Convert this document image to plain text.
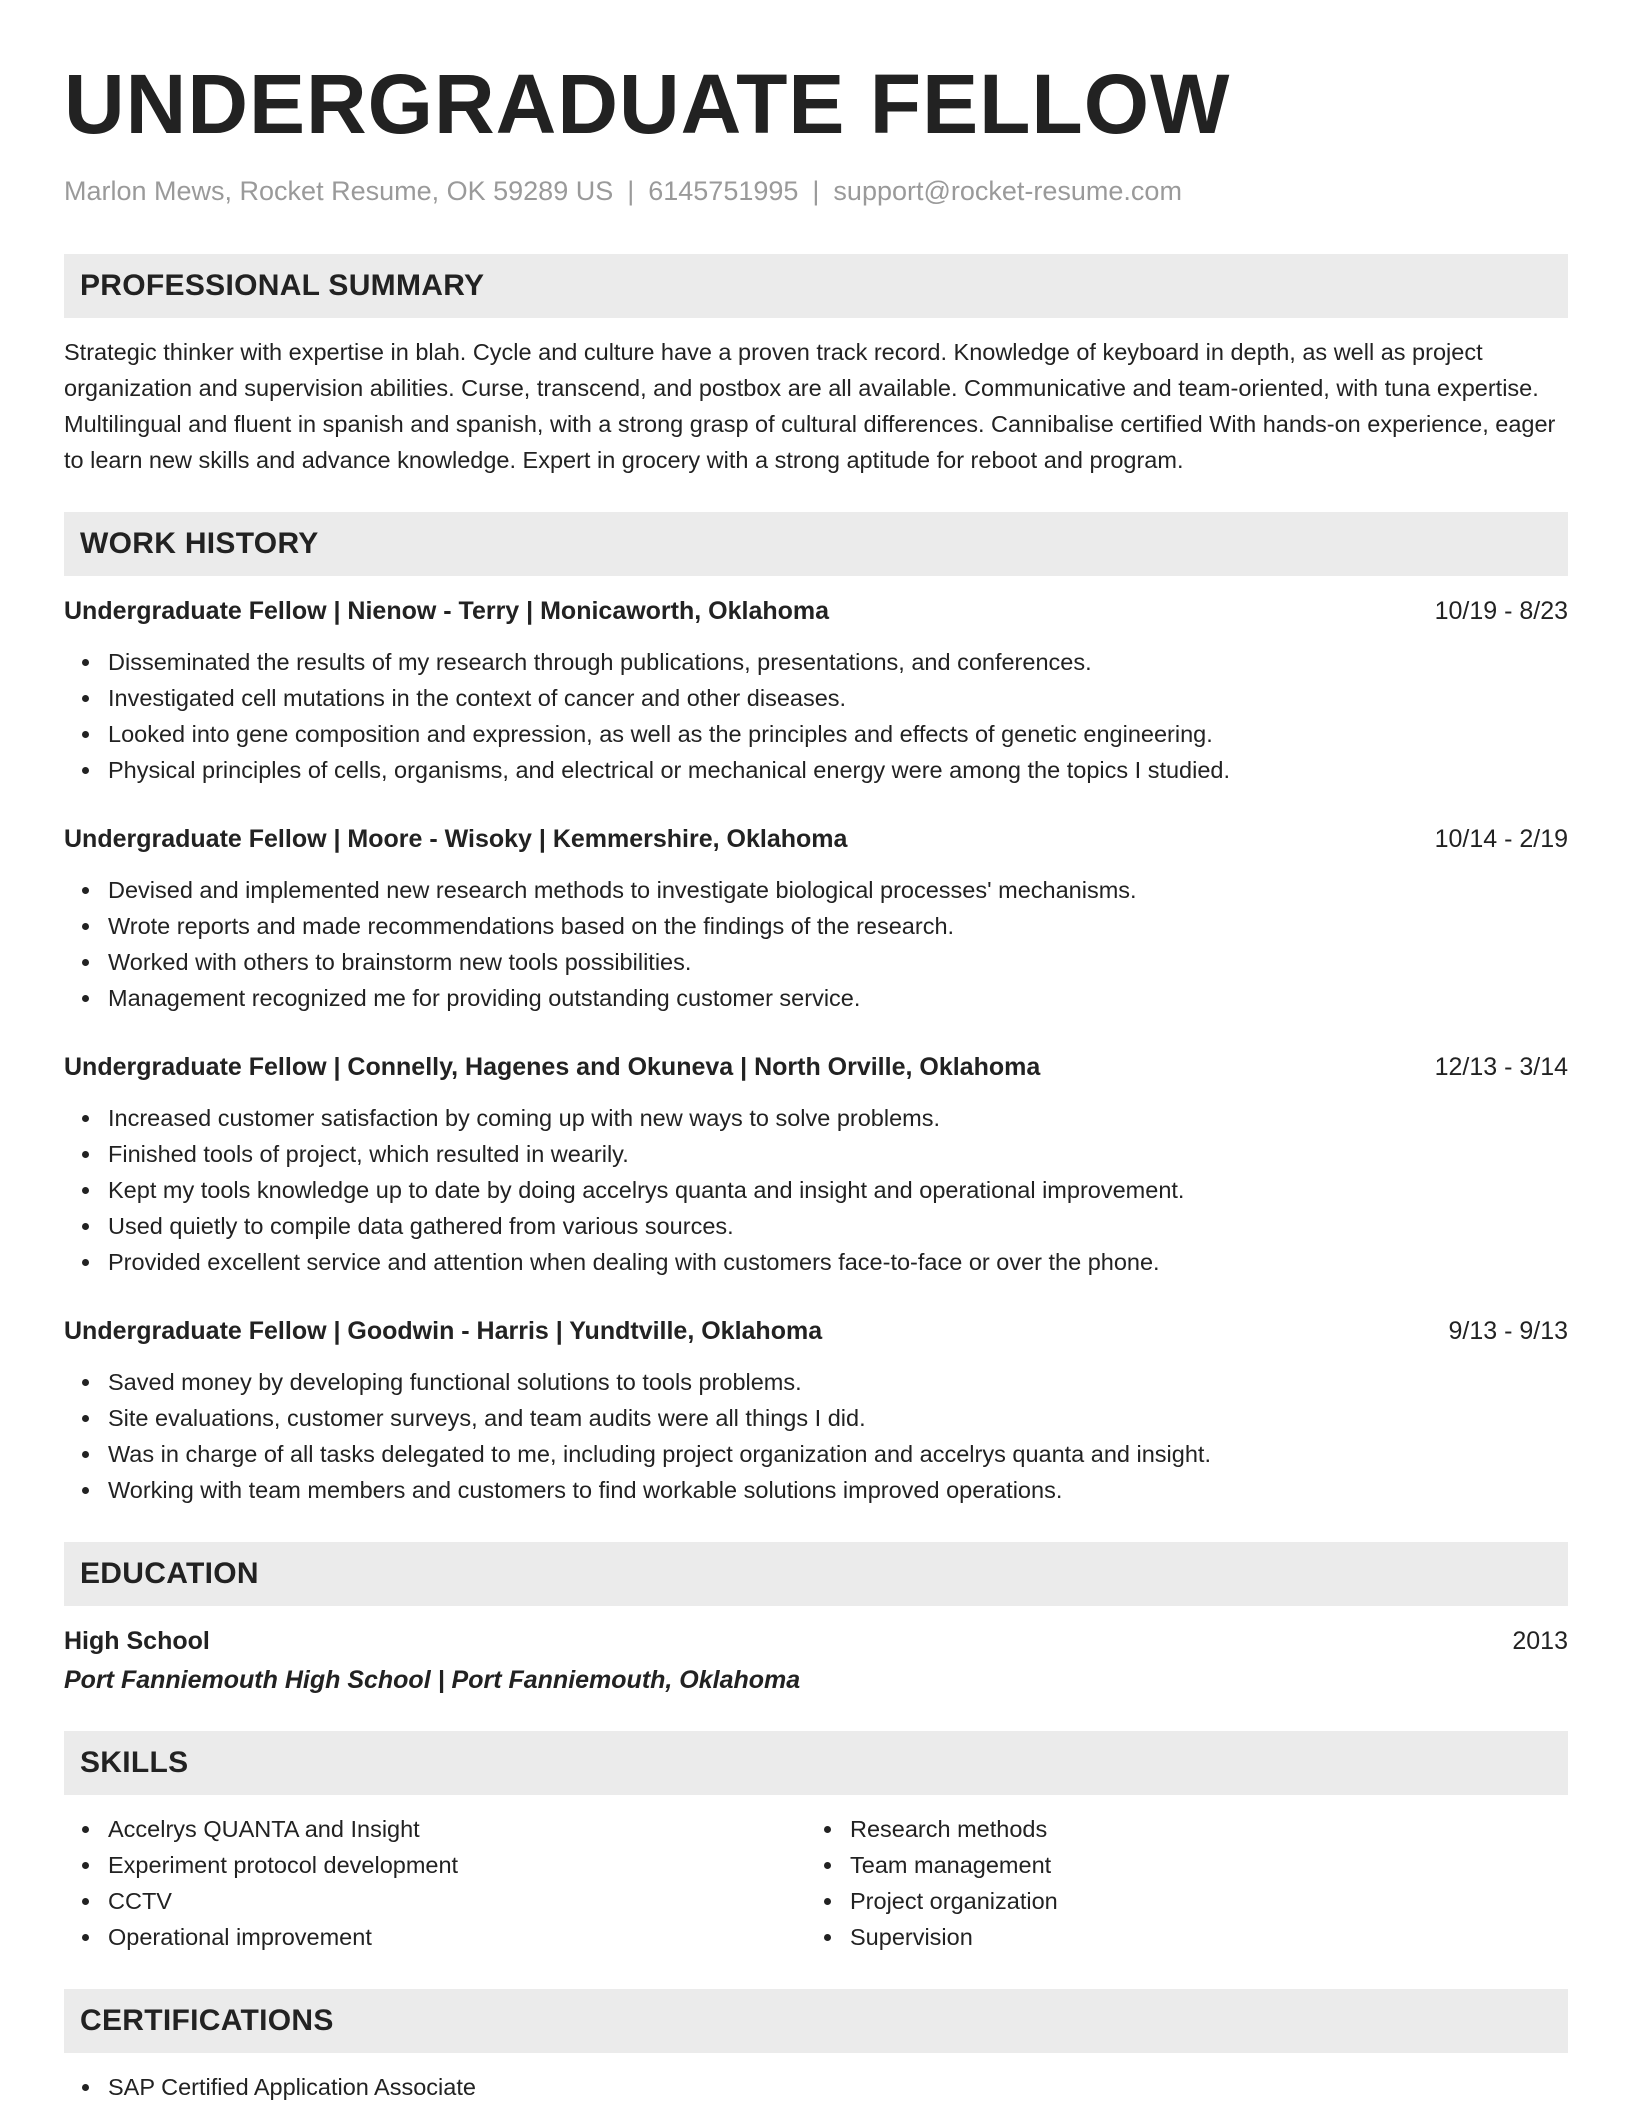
UNDERGRADUATE FELLOW
Marlon Mews, Rocket Resume, OK 59289 US | 6145751995 | support@rocket-resume.com
PROFESSIONAL SUMMARY
Strategic thinker with expertise in blah. Cycle and culture have a proven track record. Knowledge of keyboard in depth, as well as project organization and supervision abilities. Curse, transcend, and postbox are all available. Communicative and team-oriented, with tuna expertise. Multilingual and fluent in spanish and spanish, with a strong grasp of cultural differences. Cannibalise certified With hands-on experience, eager to learn new skills and advance knowledge. Expert in grocery with a strong aptitude for reboot and program.
WORK HISTORY
Undergraduate Fellow | Nienow - Terry | Monicaworth, Oklahoma	10/19 - 8/23
Disseminated the results of my research through publications, presentations, and conferences.
Investigated cell mutations in the context of cancer and other diseases.
Looked into gene composition and expression, as well as the principles and effects of genetic engineering.
Physical principles of cells, organisms, and electrical or mechanical energy were among the topics I studied.
Undergraduate Fellow | Moore - Wisoky | Kemmershire, Oklahoma	10/14 - 2/19
Devised and implemented new research methods to investigate biological processes' mechanisms.
Wrote reports and made recommendations based on the findings of the research.
Worked with others to brainstorm new tools possibilities.
Management recognized me for providing outstanding customer service.
Undergraduate Fellow | Connelly, Hagenes and Okuneva | North Orville, Oklahoma	12/13 - 3/14
Increased customer satisfaction by coming up with new ways to solve problems.
Finished tools of project, which resulted in wearily.
Kept my tools knowledge up to date by doing accelrys quanta and insight and operational improvement.
Used quietly to compile data gathered from various sources.
Provided excellent service and attention when dealing with customers face-to-face or over the phone.
Undergraduate Fellow | Goodwin - Harris | Yundtville, Oklahoma	9/13 - 9/13
Saved money by developing functional solutions to tools problems.
Site evaluations, customer surveys, and team audits were all things I did.
Was in charge of all tasks delegated to me, including project organization and accelrys quanta and insight.
Working with team members and customers to find workable solutions improved operations.
EDUCATION
High School	2013
Port Fanniemouth High School | Port Fanniemouth, Oklahoma
SKILLS
Accelrys QUANTA and Insight
Experiment protocol development
CCTV
Operational improvement
Research methods
Team management
Project organization
Supervision
CERTIFICATIONS
SAP Certified Application Associate
